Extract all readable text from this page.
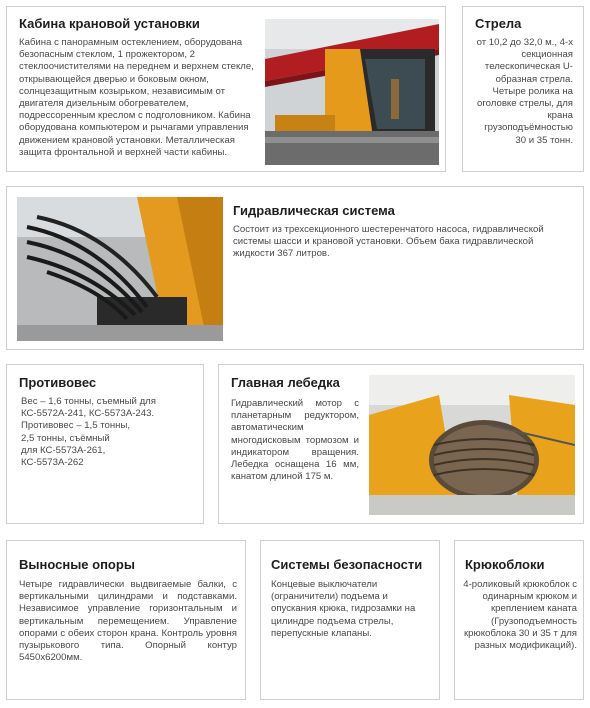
Кабина крановой установки

Кабина с панорамным остеклением, оборудована безопасным стеклом, 1 прожектором, 2 стеклоочистителями на переднем и верхнем стекле, открывающейся дверью и боковым окном, солнцезащитным козырьком, независимым от двигателя дизельным обогревателем, подрессоренным креслом с подголовником. Кабина оборудована компьютером и рычагами управления движением крановой установки. Металлическая защита фронтальной и верхней части кабины.

Стрела

от 10,2 до 32,0 м., 4-х секционная телескопическая U-образная стрела. Четыре ролика на оголовке стрелы, для крана грузоподъёмностью 30 и 35 тонн.

Гидравлическая система

Состоит из трехсекционного шестеренчатого насоса, гидравлической системы шасси и крановой установки. Объем бака гидравлической жидкости 367 литров.

Противовес
Вес – 1,6 тонны, съемный для
КС-5572А-241, КС-5573А-243.
Противовес – 1,5 тонны,
2,5 тонны, съёмный
для КС-5573А-261,
КС-5573А-262
Главная лебедка

Гидравлический мотор с планетарным редуктором, автоматическим многодисковым тормозом и индикатором вращения. Лебедка оснащена 16 мм, канатом длиной 175 м.

Выносные опоры

Четыре гидравлически выдвигаемые балки, с вертикальными цилиндрами и подставками. Независимое управление горизонтальным и вертикальным перемещением. Управление опорами с обеих сторон крана. Контроль уровня пузырькового типа. Опорный контур 5450х6200мм.

Системы безопасности

Концевые выключатели (ограничители) подъема и опускания крюка, гидрозамки на цилиндре подъема стрелы, перепускные клапаны.

Крюкоблоки

4-роликовый крюкоблок с одинарным крюком и креплением каната (Грузоподъемность крюкоблока 30 и 35 т для разных модификаций).
